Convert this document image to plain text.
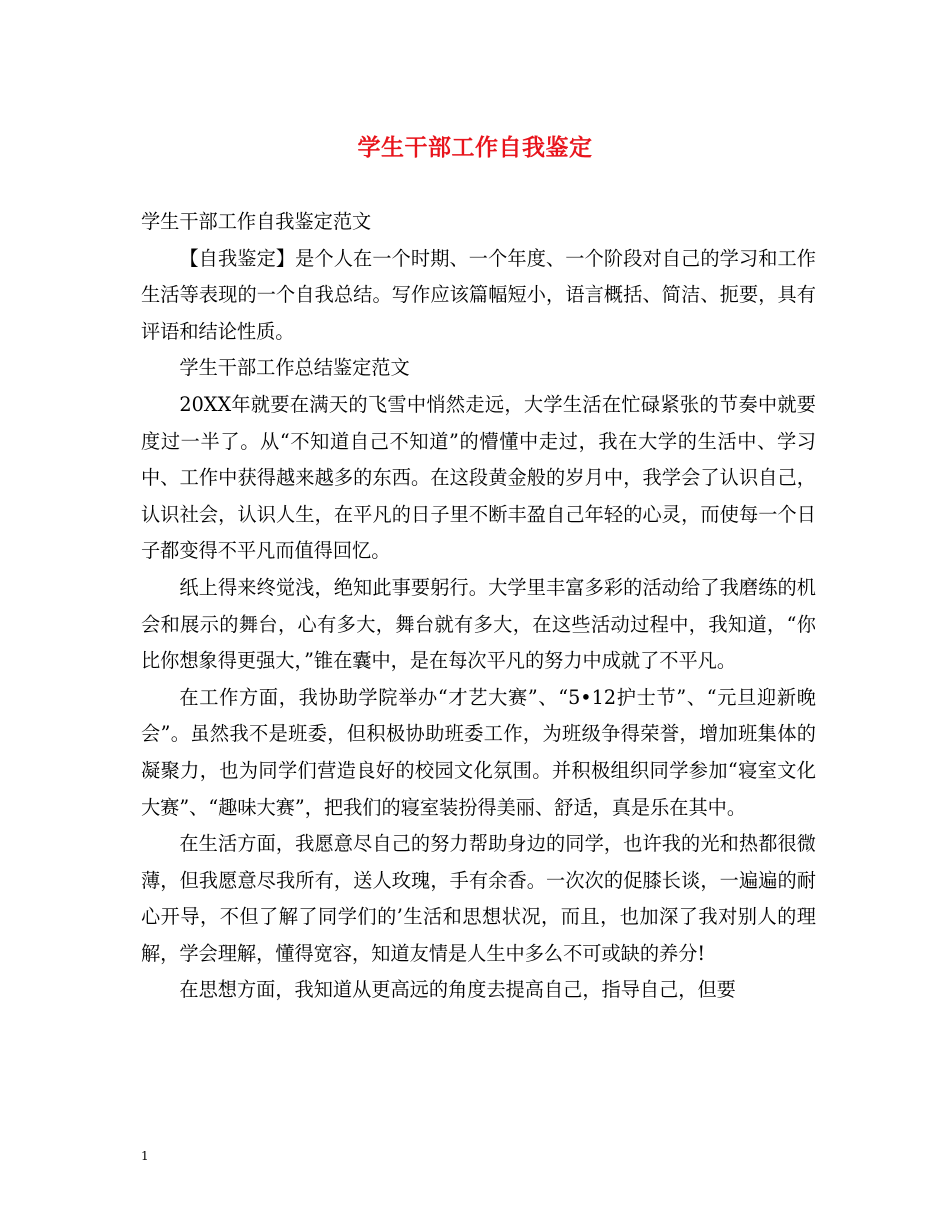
学生干部工作自我鉴定

学生干部工作自我鉴定范文

【自我鉴定】是个人在一个时期、一个年度、一个阶段对自己的学习和工作生活等表现的一个自我总结。写作应该篇幅短小，语言概括、简洁、扼要，具有评语和结论性质。

学生干部工作总结鉴定范文

20XX年就要在满天的飞雪中悄然走远，大学生活在忙碌紧张的节奏中就要度过一半了。从“不知道自己不知道”的懵懂中走过，我在大学的生活中、学习中、工作中获得越来越多的东西。在这段黄金般的岁月中，我学会了认识自己，认识社会，认识人生，在平凡的日子里不断丰盈自己年轻的心灵，而使每一个日子都变得不平凡而值得回忆。

纸上得来终觉浅，绝知此事要躬行。大学里丰富多彩的活动给了我磨练的机会和展示的舞台，心有多大，舞台就有多大，在这些活动过程中，我知道，“你比你想象得更强大，”锥在囊中，是在每次平凡的努力中成就了不平凡。

在工作方面，我协助学院举办“才艺大赛”、“5•12护士节”、“元旦迎新晚会”。虽然我不是班委，但积极协助班委工作，为班级争得荣誉，增加班集体的凝聚力，也为同学们营造良好的校园文化氛围。并积极组织同学参加“寝室文化大赛”、“趣味大赛”，把我们的寝室装扮得美丽、舒适，真是乐在其中。

在生活方面，我愿意尽自己的努力帮助身边的同学，也许我的光和热都很微薄，但我愿意尽我所有，送人玫瑰，手有余香。一次次的促膝长谈，一遍遍的耐心开导，不但了解了同学们的’生活和思想状况，而且，也加深了我对别人的理解，学会理解，懂得宽容，知道友情是人生中多么不可或缺的养分!

在思想方面，我知道从更高远的角度去提高自己，指导自己，但要

1
